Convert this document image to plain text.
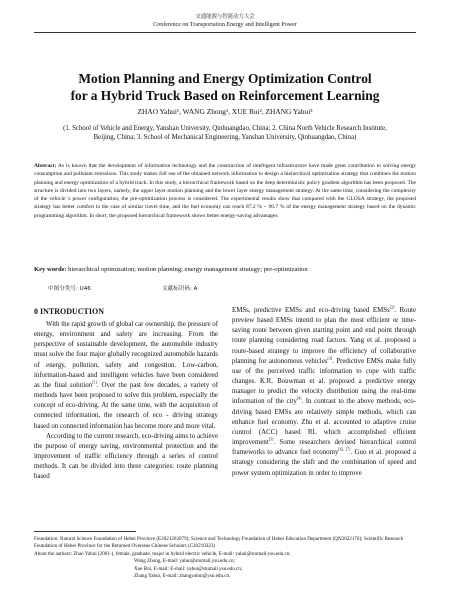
交通能源与智能动力大会
Conference on Transportation Energy and Intelligent Power
Motion Planning and Energy Optimization Control
for a Hybrid Truck Based on Reinforcement Learning
ZHAO Yahui¹, WANG Zhong¹, XUE Rui², ZHANG Yahui³
(1. School of Vehicle and Energy, Yanshan University, Qinhuangdao, China; 2. China North Vehicle Research Institute, Beijing, China; 3. School of Mechanical Engineering, Yanshan University, Qinhuangdao, China)
Abstract: As is known that the development of information technology and the construction of intelligent infrastructure have made great contribution to solving energy consumption and pollutant emissions. This study makes full use of the obtained network information to design a hierarchical optimization strategy that combines the motion planning and energy optimization of a hybrid truck. In this study, a hierarchical framework based on the deep deterministic policy gradient algorithm has been proposed. The structure is divided into two layers, namely, the upper layer motion planning and the lower layer energy management strategy. At the same time, considering the complexity of the vehicle 's power configuration, the pre-optimization process is considered. The experimental results show that compared with the GLOSA strategy, the proposed strategy has better comfort in the case of similar travel time, and the fuel economy can reach 87.2 % ~ 90.7 % of the energy management strategy based on the dynamic programming algorithm. In short, the proposed hierarchical framework shows better energy-saving advantages.
Key words: hierarchical optimization; motion planning; energy management strategy; pre-optimization
中图分类号: U46	文献标识码: A
0 INTRODUCTION

With the rapid growth of global car ownership, the pressure of energy, environment and safety are increasing. From the perspective of sustainable development, the automobile industry must solve the four major globally recognized automobile hazards of energy, pollution, safety and congestion. Low-carbon, information-based and intelligent vehicles have been considered as the final solution[1]. Over the past few decades, a variety of methods have been proposed to solve this problem, especially the concept of eco-driving. At the same time, with the acquisition of connected information, the research of eco - driving strategy based on connected information has become more and more vital.

According to the current research, eco-driving aims to achieve the purpose of energy saving, environmental protection and the improvement of traffic efficiency through a series of control methods. It can be divided into three categories: route planning based

EMSs, predictive EMSs and eco-driving based EMSs[2]. Route preview based EMSs intend to plan the most efficient or time-saving route between given starting point and end point through route planning considering road factors. Yang et al. proposed a route-based strategy to improve the efficiency of collaborative planning for autonomous vehicles[3]. Predictive EMSs make fully use of the perceived traffic information to cope with traffic changes. K.R. Bouwman et al. proposed a predictive energy manager to predict the velocity distribution using the real-time information of the city[4]. In contrast to the above methods, eco-driving based EMSs are relatively simple methods, which can enhance fuel economy. Zhu et al. accounted to adaptive cruise control (ACC) based RL which accomplished efficient improvement[5]. Some researchers devised hierarchical control frameworks to advance fuel economy[6], [7]. Guo et al. proposed a strategy considering the shift and the combination of speed and power system optimization in order to improve

Foundation: Natural Science Foundation of Hebei Province (E2021203079); Science and Technology Foundation of Hebei Education Department (QN2022176); Scientific Research Foundation of Hebei Province for the Returned Overseas Chinese Scholars (C20210323)
About the authors: Zhao Yahui (2001-), female, graduate, major in hybrid electric vehicle, E-mail: yahui@stumail.ysu.edu.cn;
Wang Zhong, E-mail: yahui@stumail.ysu.edu.cn;
Xue Rui, E-mail: E-mail: yahui@stumail.ysu.edu.cn;
Zhang Yahui, E-mail: zhangyahui@ysu.edu.cn.
